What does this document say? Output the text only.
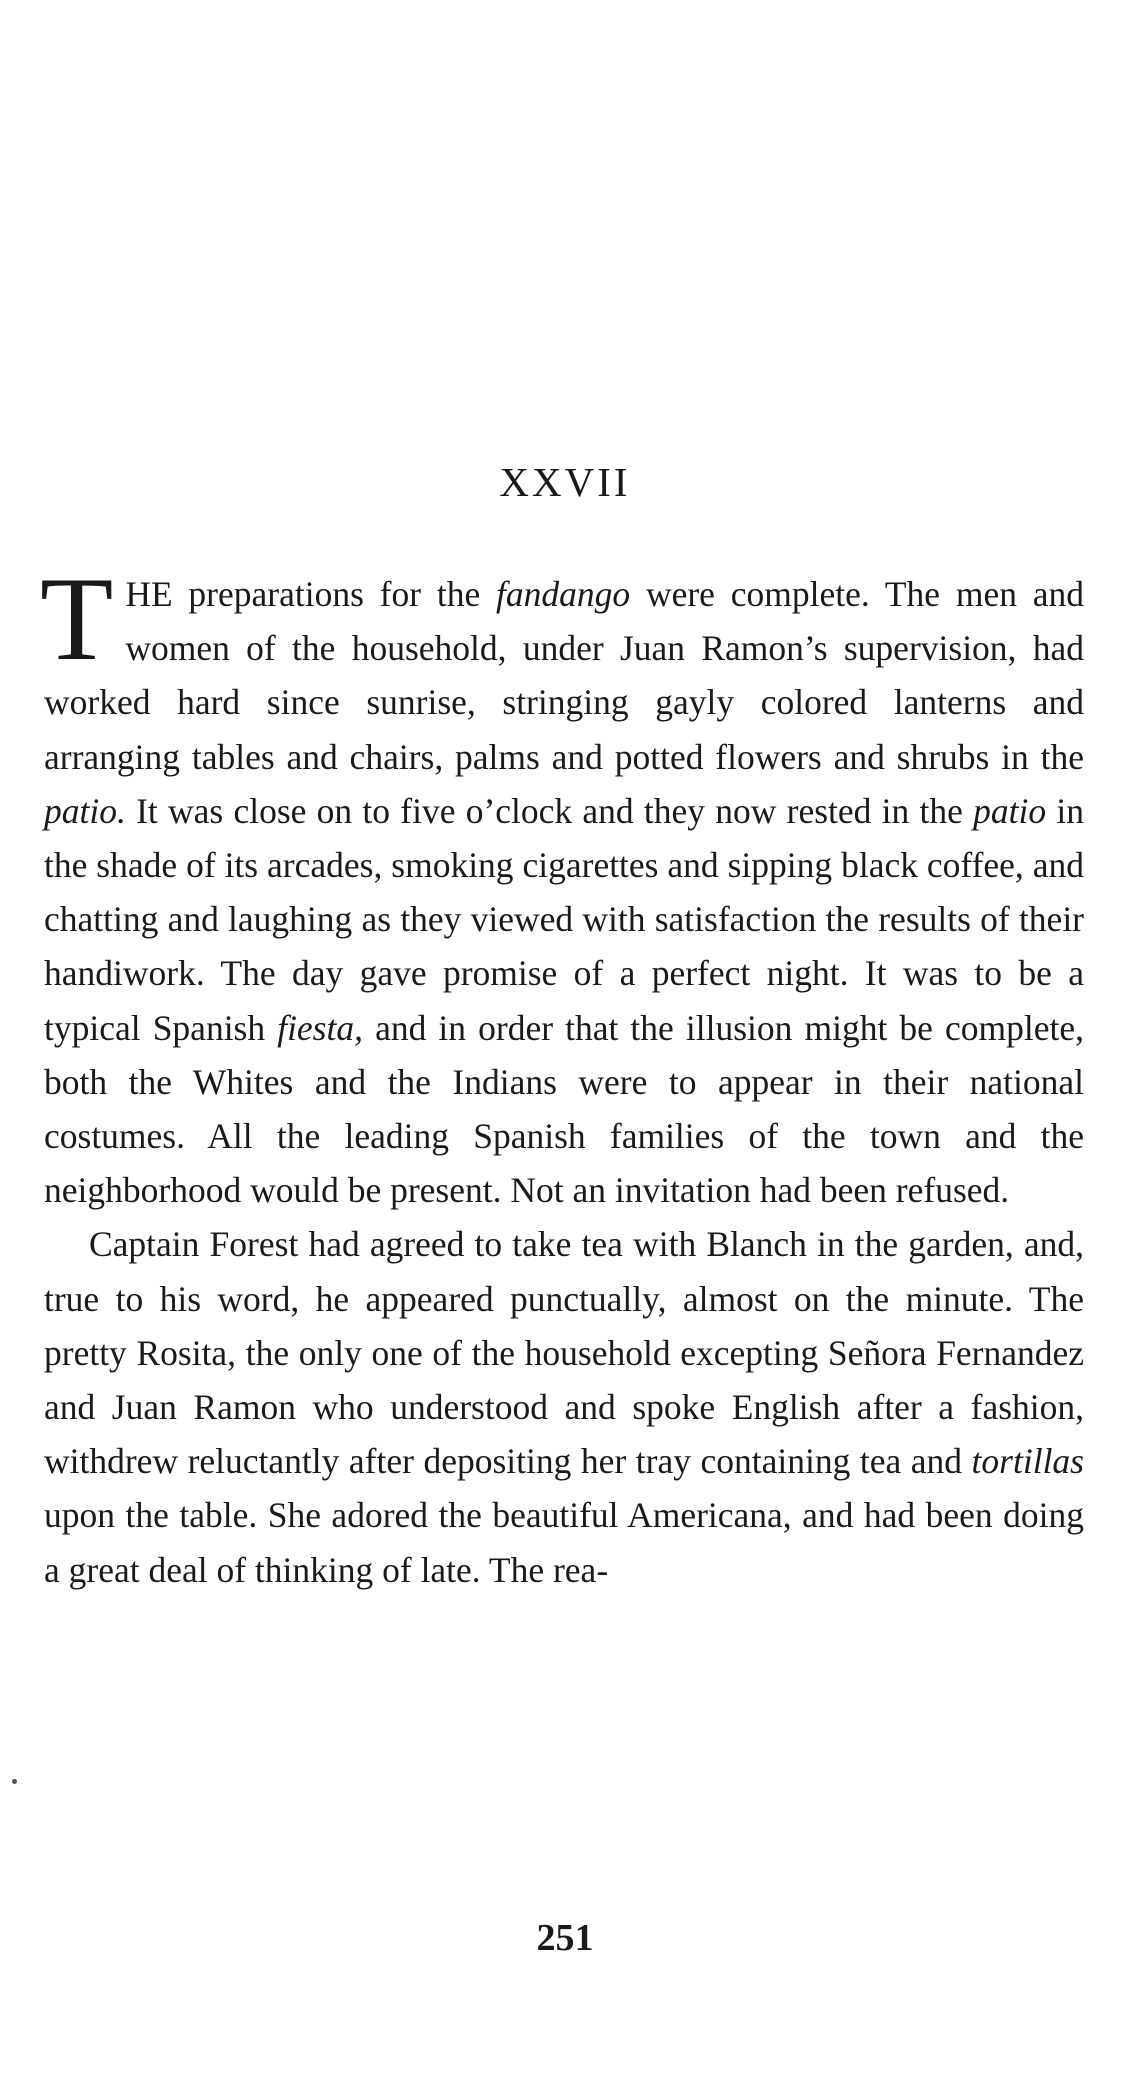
XXVII

THE preparations for the fandango were complete. The men and women of the household, under Juan Ramon’s supervision, had worked hard since sunrise, stringing gayly colored lanterns and arranging tables and chairs, palms and potted flowers and shrubs in the patio. It was close on to five o’clock and they now rested in the patio in the shade of its arcades, smoking cigarettes and sipping black coffee, and chatting and laughing as they viewed with satisfaction the results of their handiwork. The day gave promise of a perfect night. It was to be a typical Spanish fiesta, and in order that the illusion might be complete, both the Whites and the Indians were to appear in their national costumes. All the leading Spanish families of the town and the neighborhood would be present. Not an invitation had been refused.

Captain Forest had agreed to take tea with Blanch in the garden, and, true to his word, he appeared punctually, almost on the minute. The pretty Rosita, the only one of the household excepting Señora Fernandez and Juan Ramon who understood and spoke English after a fashion, withdrew reluctantly after depositing her tray containing tea and tortillas upon the table. She adored the beautiful Americana, and had been doing a great deal of thinking of late. The rea-

251
